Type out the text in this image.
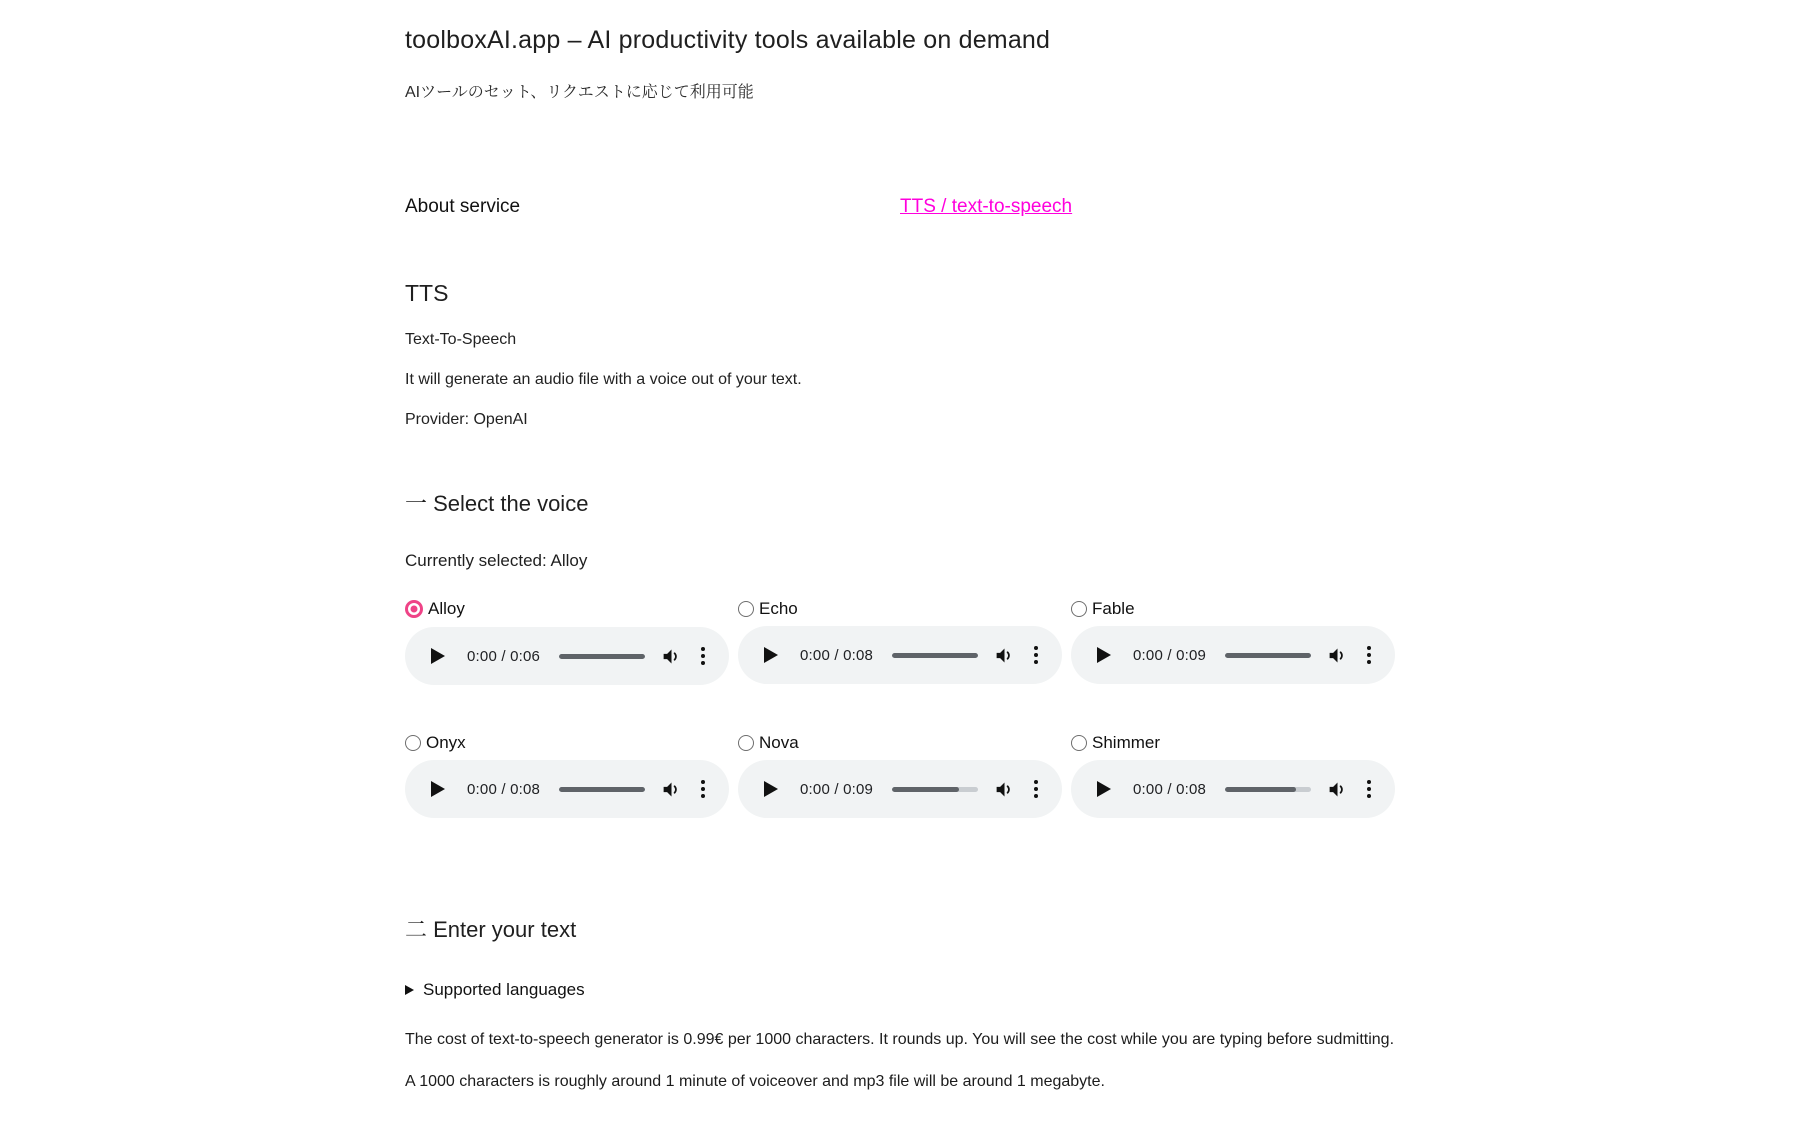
toolboxAI.app – AI productivity tools available on demand
AIツールのセット、リクエストに応じて利用可能
About service	TTS / text-to-speech
TTS

Text-To-Speech

It will generate an audio file with a voice out of your text.

Provider: OpenAI

一 Select the voice
Currently selected: Alloy
Alloy
0:00 / 0:06
Echo
0:00 / 0:08
Fable
0:00 / 0:09
Onyx
0:00 / 0:08
Nova
0:00 / 0:09
Shimmer
0:00 / 0:08
二 Enter your text
Supported languages

The cost of text-to-speech generator is 0.99€ per 1000 characters. It rounds up. You will see the cost while you are typing before sudmitting.

A 1000 characters is roughly around 1 minute of voiceover and mp3 file will be around 1 megabyte.
